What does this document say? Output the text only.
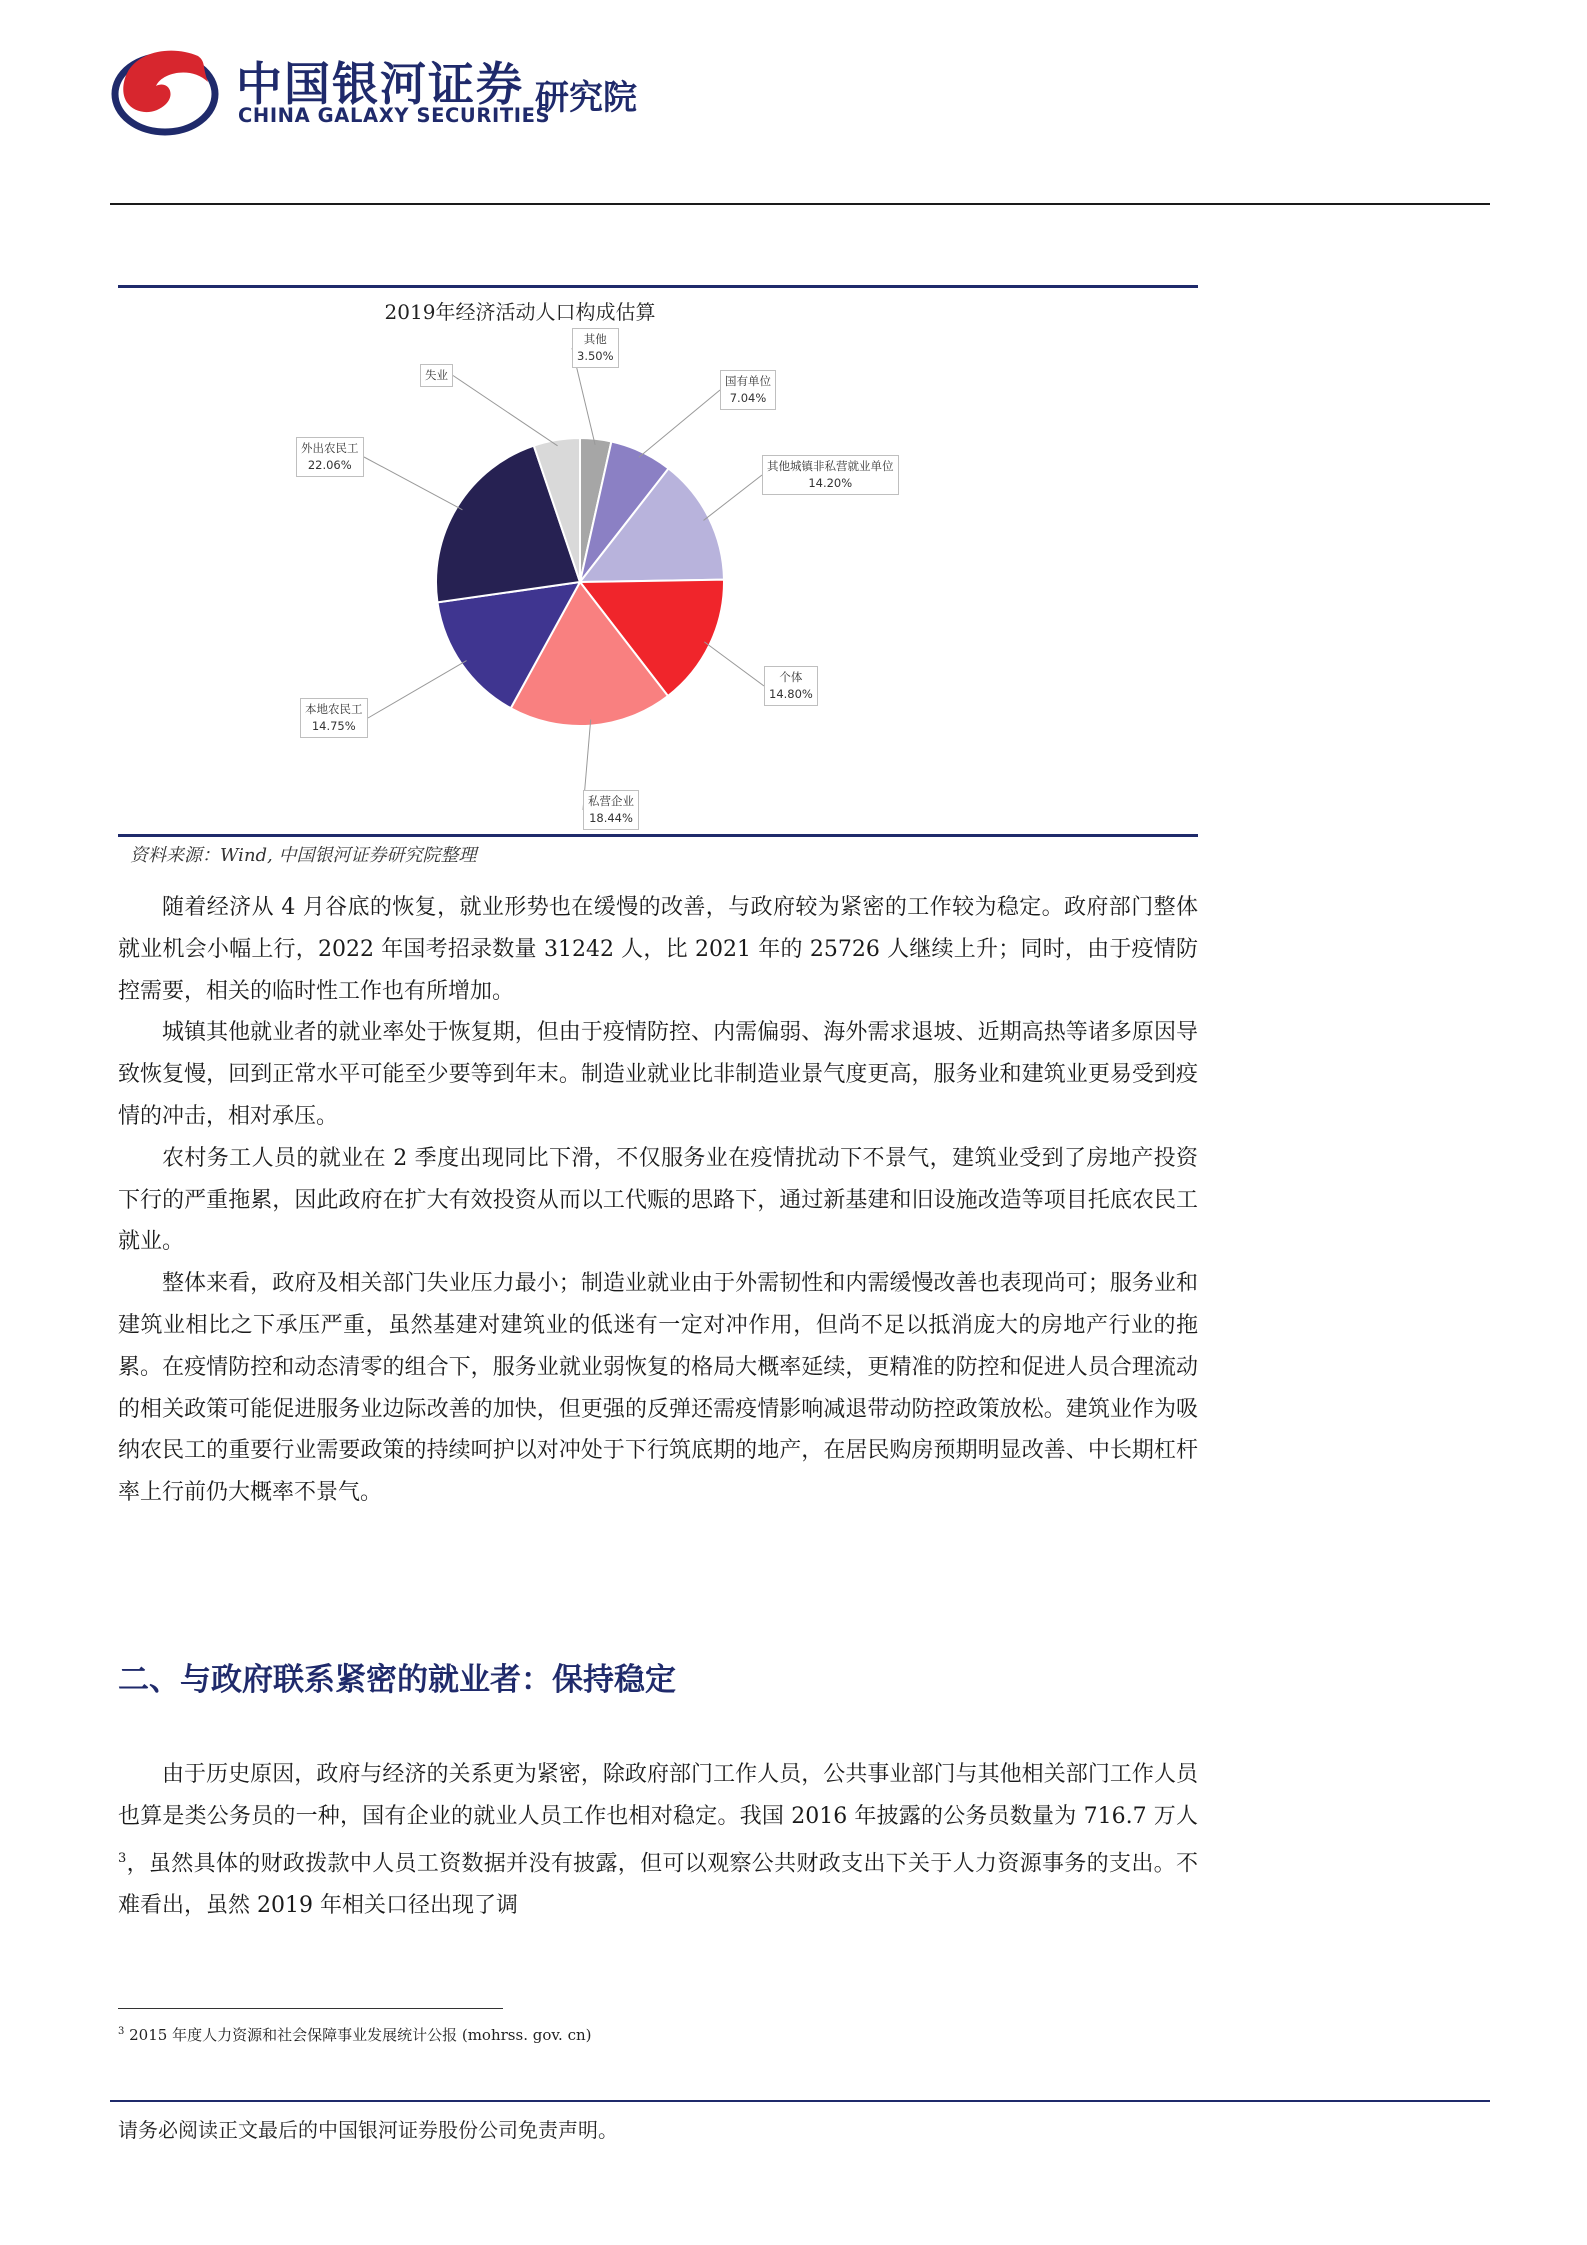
中国银河证券
CHINA GALAXY SECURITIES
研究院
2019年经济活动人口构成估算
其他
3.50%
国有单位
7.04%
其他城镇非私营就业单位
14.20%
个体
14.80%
私营企业
18.44%
本地农民工
14.75%
外出农民工
22.06%
失业
资料来源：Wind, 中国银河证券研究院整理

随着经济从 4 月谷底的恢复，就业形势也在缓慢的改善，与政府较为紧密的工作较为稳定。政府部门整体就业机会小幅上行，2022 年国考招录数量 31242 人，比 2021 年的 25726 人继续上升；同时，由于疫情防控需要，相关的临时性工作也有所增加。

城镇其他就业者的就业率处于恢复期，但由于疫情防控、内需偏弱、海外需求退坡、近期高热等诸多原因导致恢复慢，回到正常水平可能至少要等到年末。制造业就业比非制造业景气度更高，服务业和建筑业更易受到疫情的冲击，相对承压。

农村务工人员的就业在 2 季度出现同比下滑，不仅服务业在疫情扰动下不景气，建筑业受到了房地产投资下行的严重拖累，因此政府在扩大有效投资从而以工代赈的思路下，通过新基建和旧设施改造等项目托底农民工就业。

整体来看，政府及相关部门失业压力最小；制造业就业由于外需韧性和内需缓慢改善也表现尚可；服务业和建筑业相比之下承压严重，虽然基建对建筑业的低迷有一定对冲作用，但尚不足以抵消庞大的房地产行业的拖累。在疫情防控和动态清零的组合下，服务业就业弱恢复的格局大概率延续，更精准的防控和促进人员合理流动的相关政策可能促进服务业边际改善的加快，但更强的反弹还需疫情影响减退带动防控政策放松。建筑业作为吸纳农民工的重要行业需要政策的持续呵护以对冲处于下行筑底期的地产，在居民购房预期明显改善、中长期杠杆率上行前仍大概率不景气。

二、与政府联系紧密的就业者：保持稳定

由于历史原因，政府与经济的关系更为紧密，除政府部门工作人员，公共事业部门与其他相关部门工作人员也算是类公务员的一种，国有企业的就业人员工作也相对稳定。我国 2016 年披露的公务员数量为 716.7 万人$^3$，虽然具体的财政拨款中人员工资数据并没有披露，但可以观察公共财政支出下关于人力资源事务的支出。不难看出，虽然 2019 年相关口径出现了调

$^3$ 2015 年度人力资源和社会保障事业发展统计公报 (mohrss. gov. cn)
请务必阅读正文最后的中国银河证券股份公司免责声明。
